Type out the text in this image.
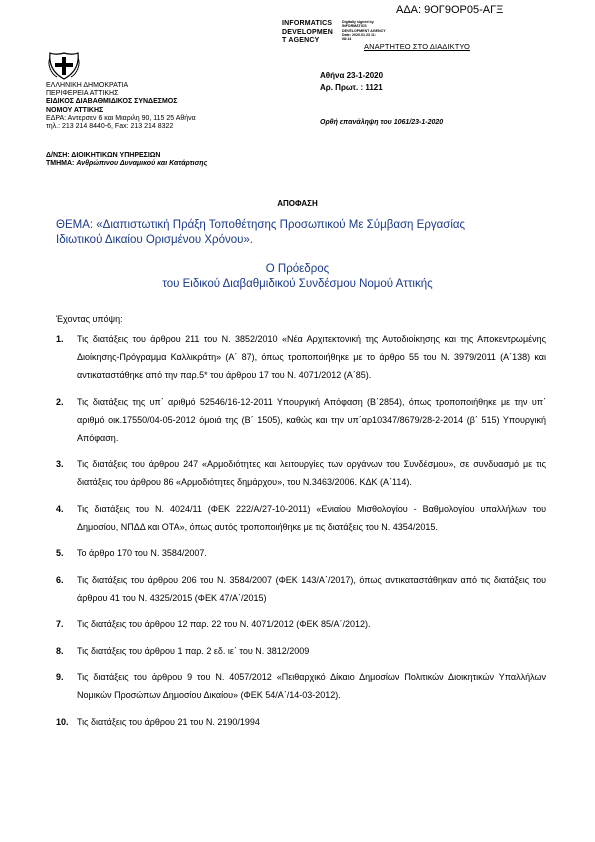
ΑΔΑ: 9ΟΓ9ΟΡ05-ΑΓΞ
INFORMATICS
DEVELOPMEN
T AGENCY
Digitally signed by
INFORMATICS
DEVELOPMENT AGENCY
Date: 2020.01.23 11:
08:14
ΑΝΑΡΤΗΤΕΟ ΣΤΟ ΔΙΑΔΙΚΤΥΟ
ΕΛΛΗΝΙΚΗ ΔΗΜΟΚΡΑΤΙΑ
ΠΕΡΙΦΕΡΕΙΑ ΑΤΤΙΚΗΣ
ΕΙΔΙΚΟΣ ΔΙΑΒΑΘΜΙΔΙΚΟΣ ΣΥΝΔΕΣΜΟΣ
ΝΟΜΟΥ ΑΤΤΙΚΗΣ
ΕΔΡΑ: Αντερσεν 6 και Μιαριλη 90, 115 25 Αθήνα
τηλ.: 213 214 8440-6, Fax: 213 214 8322
Δ/ΝΣΗ: ΔΙΟΙΚΗΤΙΚΩΝ ΥΠΗΡΕΣΙΩΝ
ΤΜΗΜΑ: Ανθρώπινου Δυναμικού και Κατάρτισης
Αθήνα 23-1-2020
Αρ. Πρωτ. : 1121
Ορθή επανάληψη του 1061/23-1-2020
ΑΠΟΦΑΣΗ
ΘΕΜΑ: «Διαπιστωτική Πράξη Τοποθέτησης Προσωπικού Με Σύμβαση Εργασίας
Ιδιωτικού Δικαίου Ορισμένου Χρόνου».
Ο Πρόεδρος
του Ειδικού Διαβαθμιδικού Συνδέσμου Νομού Αττικής
Έχοντας υπόψη:
1. Τις διατάξεις του άρθρου 211 του Ν. 3852/2010 «Νέα Αρχιτεκτονική της Αυτοδιοίκησης και της Αποκεντρωμένης Διοίκησης-Πρόγραμμα Καλλικράτη» (Α΄ 87), όπως τροποποιήθηκε με το άρθρο 55 του Ν. 3979/2011 (Α΄138) και αντικαταστάθηκε από την παρ.5* του άρθρου 17 του Ν. 4071/2012 (Α΄85).
2. Τις διατάξεις της υπ΄ αριθμό 52546/16-12-2011 Υπουργική Απόφαση (Β΄2854), όπως τροποποιήθηκε με την υπ΄ αριθμό οικ.17550/04-05-2012 όμοιά της (Β΄ 1505), καθώς και την υπ΄αρ10347/8679/28-2-2014 (β΄ 515) Υπουργική Απόφαση.
3. Τις διατάξεις του άρθρου 247 «Αρμοδιότητες και λειτουργίες των οργάνων του Συνδέσμου», σε συνδυασμό με τις διατάξεις του άρθρου 86 «Αρμοδιότητες δημάρχου», του Ν.3463/2006. ΚΔΚ (Α΄114).
4. Τις διατάξεις του Ν. 4024/11 (ΦΕΚ 222/Α/27-10-2011) «Ενιαίου Μισθολογίου - Βαθμολογίου υπαλλήλων του Δημοσίου, ΝΠΔΔ και ΟΤΑ», όπως αυτός τροποποιήθηκε με τις διατάξεις του Ν. 4354/2015.
5. Το άρθρο 170 του Ν. 3584/2007.
6. Τις διατάξεις του άρθρου 206 του Ν. 3584/2007 (ΦΕΚ 143/Α΄/2017), όπως αντικαταστάθηκαν από τις διατάξεις του άρθρου 41 του Ν. 4325/2015 (ΦΕΚ 47/Α΄/2015)
7. Τις διατάξεις του άρθρου 12 παρ. 22 του Ν. 4071/2012 (ΦΕΚ 85/Α΄/2012).
8. Τις διατάξεις του άρθρου 1 παρ. 2 εδ. ιε΄ του Ν. 3812/2009
9. Τις διατάξεις του άρθρου 9 του Ν. 4057/2012 «Πειθαρχικό Δίκαιο Δημοσίων Πολιτικών Διοικητικών Υπαλλήλων Νομικών Προσώπων Δημοσίου Δικαίου» (ΦΕΚ 54/Α΄/14-03-2012).
10. Τις διατάξεις του άρθρου 21 του Ν. 2190/1994
